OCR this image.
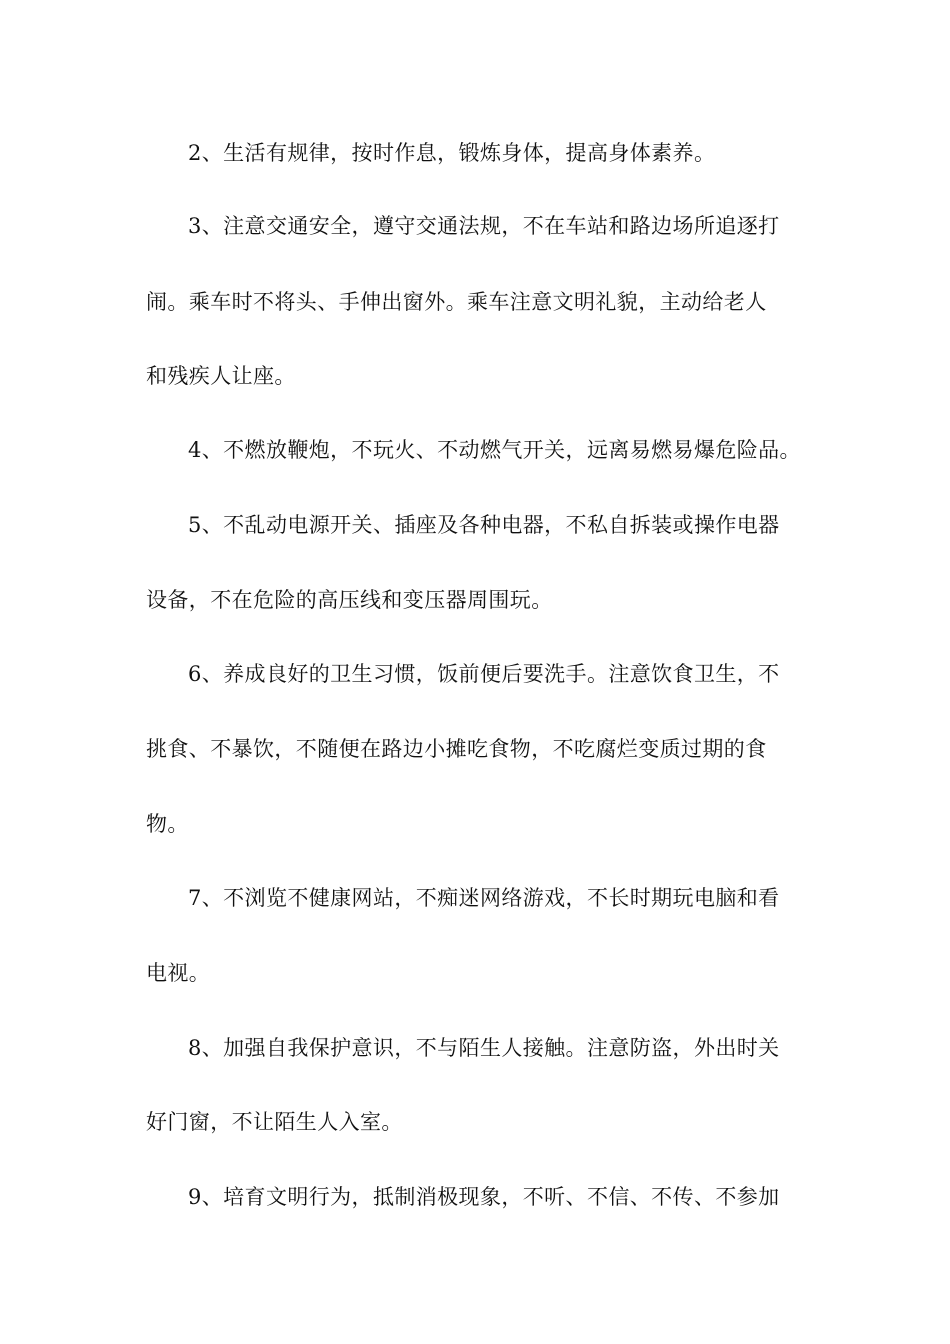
2、生活有规律，按时作息，锻炼身体，提高身体素养。
3、注意交通安全，遵守交通法规，不在车站和路边场所追逐打
闹。乘车时不将头、手伸出窗外。乘车注意文明礼貌，主动给老人
和残疾人让座。
4、不燃放鞭炮，不玩火、不动燃气开关，远离易燃易爆危险品。
5、不乱动电源开关、插座及各种电器，不私自拆装或操作电器
设备，不在危险的高压线和变压器周围玩。
6、养成良好的卫生习惯，饭前便后要洗手。注意饮食卫生，不
挑食、不暴饮，不随便在路边小摊吃食物，不吃腐烂变质过期的食
物。
7、不浏览不健康网站，不痴迷网络游戏，不长时期玩电脑和看
电视。
8、加强自我保护意识，不与陌生人接触。注意防盗，外出时关
好门窗，不让陌生人入室。
9、培育文明行为，抵制消极现象，不听、不信、不传、不参加
